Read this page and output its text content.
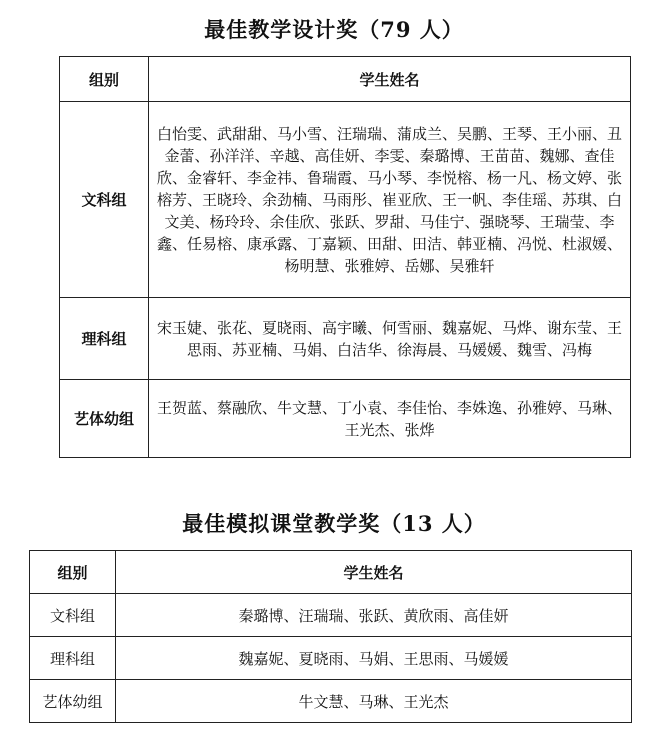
最佳教学设计奖（79 人）
组别	学生姓名
文科组	白怡雯、武甜甜、马小雪、汪瑞瑞、蒲成兰、吴鹏、王琴、王小丽、丑金蕾、孙洋洋、辛越、高佳妍、李雯、秦璐博、王苗苗、魏娜、查佳欣、金睿轩、李金祎、鲁瑞霞、马小琴、李悦榕、杨一凡、杨文婷、张榕芳、王晓玲、余劲楠、马雨彤、崔亚欣、王一帆、李佳瑶、苏琪、白文美、杨玲玲、余佳欣、张跃、罗甜、马佳宁、强晓琴、王瑞莹、李鑫、任易榕、康承露、丁嘉颖、田甜、田洁、韩亚楠、冯悦、杜淑媛、杨明慧、张雅婷、岳娜、吴雅轩
理科组	宋玉婕、张花、夏晓雨、高宇曦、何雪丽、魏嘉妮、马烨、谢东莹、王思雨、苏亚楠、马娟、白洁华、徐海晨、马媛媛、魏雪、冯梅
艺体幼组	王贺蓝、蔡融欣、牛文慧、丁小袁、李佳怡、李姝逸、孙雅婷、马琳、王光杰、张烨
最佳模拟课堂教学奖（13 人）
组别	学生姓名
文科组	秦璐博、汪瑞瑞、张跃、黄欣雨、高佳妍
理科组	魏嘉妮、夏晓雨、马娟、王思雨、马媛媛
艺体幼组	牛文慧、马琳、王光杰
